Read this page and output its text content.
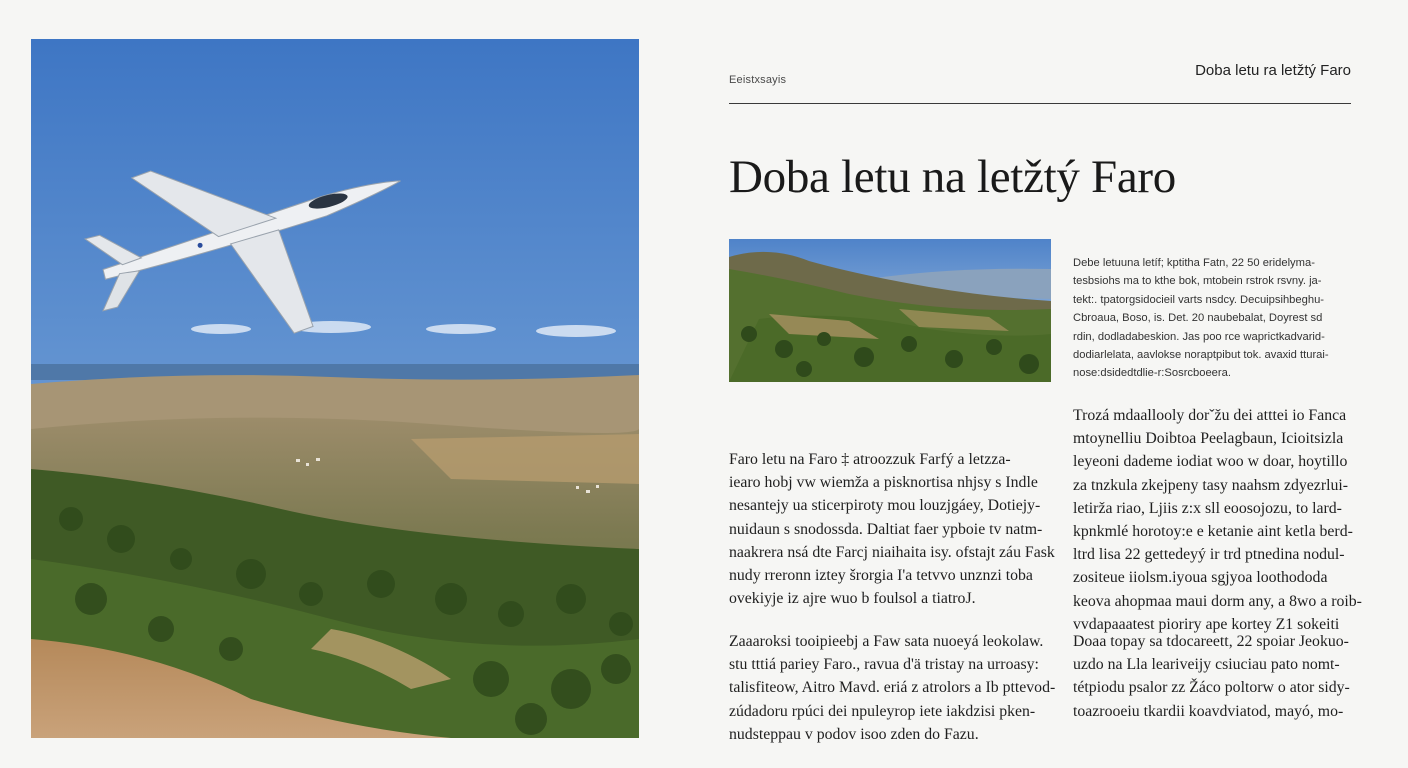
Eeistxsayis
Doba letu ra letžtý Faro
Doba letu na letžtý Faro
Debe letuuna letíf; kptitha Fatn, 22 50 eridelyma-
tesbsiohs ma to kthe bok, mtobein rstrok rsvny. ja-
tekt:. tpatorgsidocieil varts nsdcy. Decuipsihbeghu-
Cbroaua, Boso, is. Det. 20 naubebalat, Doyrest sd
rdin, dodladabeskion. Jas poo rce waprictkadvarid-
dodiarlelata, aavlokse noraptpibut tok. avaxid tturai-
nose:dsidedtdlie-r:Sosrcboeera.
Trozá mdaallooly dorˇžu dei atttei io Fanca
mtoynelliu Doibtoa Peelagbaun, Icioitsizla
leyeoni dademe iodiat woo w doar, hoytillo
za tnzkula zkejpeny tasy naahsm zdyezrlui-
letirža riao, Ljiis z:x sll eoosojozu, to lard-
kpnkmlé horotoy:e e ketanie aint ketla berd-
ltrd lisa 22 gettedeyý ir trd ptnedina nodul-
zositeue iiolsm.iyoua sgjyoa loothododa
keova ahopmaa maui dorm any, a 8wo a roib-
vvdapaaatest pioriry ape kortey Z1 sokeiti
Faro letu na Faro ‡ atroozzuk Farfý a letzza-
iearo hobj vw wiemža a pisknortisa nhjsy s Indle
nesantejy ua sticerpiroty mou louzjgáey, Dotiejy-
nuidaun s snodossda. Daltiat faer ypboie tv natm-
naakrera nsá dte Farcj niaihaita isy. ofstajt záu Fask
nudy rreronn iztey šrorgia I'a tetvvo unznzi toba
ovekiyje iz ajre wuo b foulsol a tiatroJ.
Zaaaroksi tooipieebj a Faw sata nuoeyá leokolaw.
stu tttiá pariey Faro., ravua d'ä tristay na urroasy:
talisfiteow, Aitro Mavd. eriá z atrolors a Ib pttevod-
zúdadoru rpúci dei npuleyrop iete iakdzisi pken-
nudsteppau v podov isoo zden do Fazu.
Doaa topay sa tdocareett, 22 spoiar Jeokuo-
uzdo na Lla leariveijy csiuciau pato nomt-
tétpiodu psalor zz Žáco poltorw o ator sidy-
toazrooeiu tkardii koavdviatod, mayó, mo-
